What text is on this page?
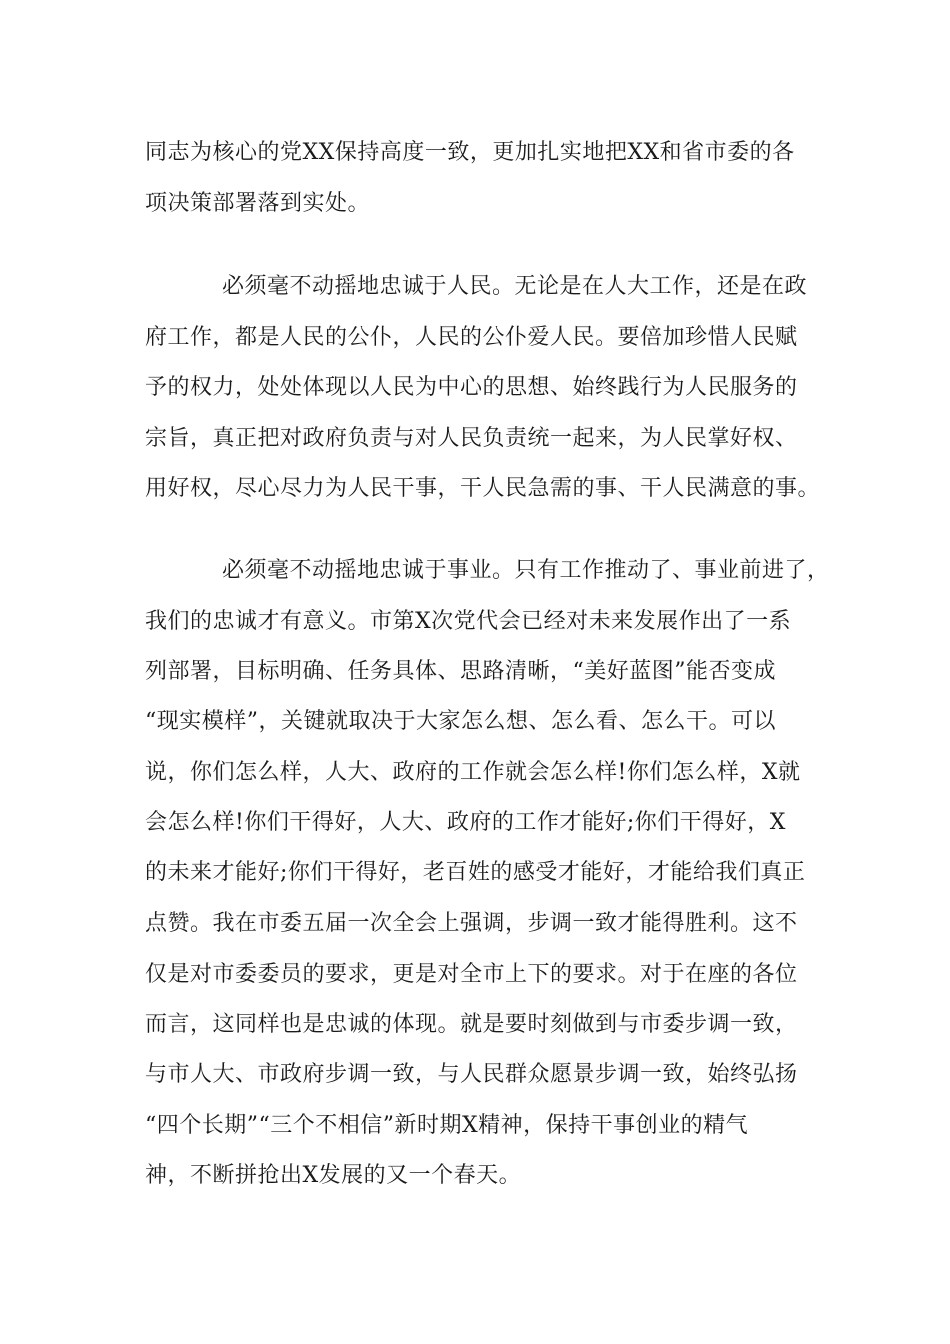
同志为核心的党XX保持高度一致，更加扎实地把XX和省市委的各
项决策部署落到实处。
必须毫不动摇地忠诚于人民。无论是在人大工作，还是在政
府工作，都是人民的公仆，人民的公仆爱人民。要倍加珍惜人民赋
予的权力，处处体现以人民为中心的思想、始终践行为人民服务的
宗旨，真正把对政府负责与对人民负责统一起来，为人民掌好权、
用好权，尽心尽力为人民干事，干人民急需的事、干人民满意的事。
必须毫不动摇地忠诚于事业。只有工作推动了、事业前进了，
我们的忠诚才有意义。市第X次党代会已经对未来发展作出了一系
列部署，目标明确、任务具体、思路清晰，“美好蓝图”能否变成
“现实模样”，关键就取决于大家怎么想、怎么看、怎么干。可以
说，你们怎么样，人大、政府的工作就会怎么样!你们怎么样，X就
会怎么样!你们干得好，人大、政府的工作才能好;你们干得好，X
的未来才能好;你们干得好，老百姓的感受才能好，才能给我们真正
点赞。我在市委五届一次全会上强调，步调一致才能得胜利。这不
仅是对市委委员的要求，更是对全市上下的要求。对于在座的各位
而言，这同样也是忠诚的体现。就是要时刻做到与市委步调一致，
与市人大、市政府步调一致，与人民群众愿景步调一致，始终弘扬
“四个长期”“三个不相信”新时期X精神，保持干事创业的精气
神，不断拼抢出X发展的又一个春天。
